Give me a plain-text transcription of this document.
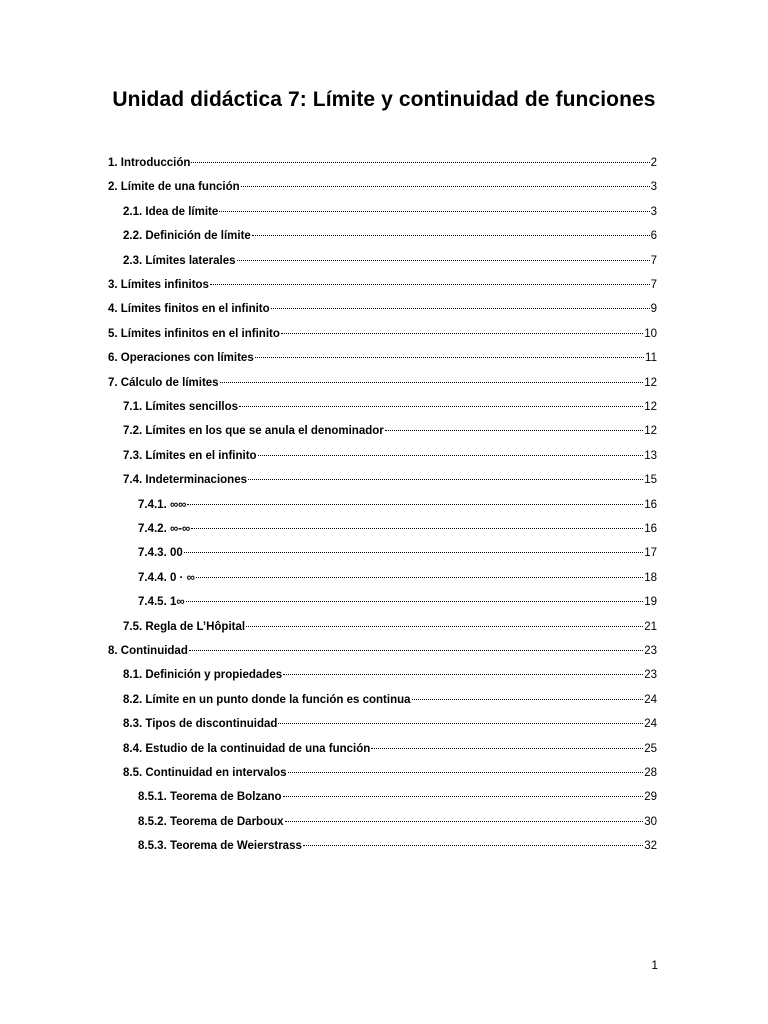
Unidad didáctica 7: Límite y continuidad de funciones
1. Introducción	2
2. Límite de una función	3
2.1. Idea de límite	3
2.2. Definición de límite	6
2.3. Límites laterales	7
3. Límites infinitos	7
4. Límites finitos en el infinito	9
5. Límites infinitos en el infinito	10
6. Operaciones con límites	11
7. Cálculo de límites	12
7.1. Límites sencillos	12
7.2. Límites en los que se anula el denominador	12
7.3. Límites en el infinito	13
7.4. Indeterminaciones	15
7.4.1. ∞∞	16
7.4.2. ∞-∞	16
7.4.3. 00	17
7.4.4. 0 · ∞	18
7.4.5. 1∞	19
7.5. Regla de L’Hôpital	21
8. Continuidad	23
8.1. Definición y propiedades	23
8.2. Límite en un punto donde la función es continua	24
8.3. Tipos de discontinuidad	24
8.4. Estudio de la continuidad de una función	25
8.5. Continuidad en intervalos	28
8.5.1. Teorema de Bolzano	29
8.5.2. Teorema de Darboux	30
8.5.3. Teorema de Weierstrass	32
1
